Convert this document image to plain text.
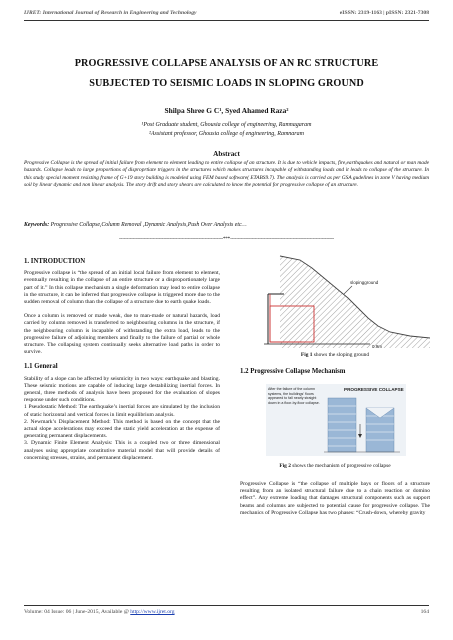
IJRET: International Journal of Research in Engineering and Technology	eISSN: 2319-1163 | pISSN: 2321-7308
PROGRESSIVE COLLAPSE ANALYSIS OF AN RC STRUCTURE
SUBJECTED TO SEISMIC LOADS IN SLOPING GROUND
Shilpa Shree G C¹, Syed Ahamed Raza²
¹Post Graduate student, Ghousia college of engineering, Ramnagaram
²Assistant professor, Ghousia college of engineering, Ramnaram
Abstract
Progressive Collapse is the spread of initial failure from element to element leading to entire collapse of an structure. It is due to vehicle impacts, fire,earthquakes and natural or man made hazards. Collapse leads to large proportions of disproprtiate triggers in the structures which makes structures incapable of withstanding loads and it leads to collapse of the structure. In this study special moment resisting frame of G+19 story building is modeled using FEM based software( ETABS9.7). The analysis is carried as per GSA gudelines in zone V having medium soil by linear dynamic and non linear analysis. The story drift and story shears are calculated to know the potential for progressive collapse of an structure.
Keywords: Progressive Collapse,Column Removal ,Dynamic Analysis,Push Over Analysis etc…
--------------------------------------------------------------------***--------------------------------------------------------------------
1. INTRODUCTION

Progressive collapse is “the spread of an initial local failure from element to element, eventually resulting in the collapse of an entire structure or a disproportionately large part of it.” In this collapse mechanism a single deformation may lead to entire collapse in the structure, it can be inferred that progressive collapse is triggered more due to the sudden removal of column than the collapse of a structure due to earth quake loads.

Once a column is removed or made weak, due to man-made or natural hazards, load carried by column removed is transferred to neighbouring columns in the structure, if the neighbouring column is incapable of withstanding the extra load, leads to the progressive failure of adjoining members and finally to the failure of partial or whole structure. The collapsing system continually seeks alternative load paths in order to survive.

1.1 General

Stability of a slope can be affected by seismicity in two ways: earthquake and blasting. These seismic motions are capable of inducing large destabilizing inertial forces. In general, three methods of analysis have been proposed for the evaluation of slopes response under such conditions.

1 Pseudostatic Method: The earthquake’s inertial forces are simulated by the inclusion of static horizontal and vertical forces in limit equilibrium analysis.

2. Newmark’s Displacement Method: This method is based on the concept that the actual slope accelerations may exceed the static yield acceleration at the expense of generating permanent displacements.

3. Dynamic Finite Element Analysis: This is a coupled two or three dimensional analyses using appropriate constitutive material model that will provide details of concerning stresses, strains, and permanent displacement.

slopingground
0.9m
Fig 1 shows the sloping ground
1.2 Progressive Collapse Mechanism
PROGRESSIVE COLLAPSE
After the failure of the column systems, the buildings’ floors appeared to fall nearly straight down in a floor-by-floor collapse.
Fig 2 shows the mechanism of progressive collapse

Progressive Collapse is “the collapse of multiple bays or floors of a structure resulting from an isolated structural failure due to a chain reaction or domino effect”. Any extreme loading that damages structural components such as support beams and columns are subjected to potential cause for progressive collapse. The mechanics of Progressive Collapse has two phases: “Crush-down, whereby gravity

Volume: 04 Issue: 06 | June-2015, Available @ http://www.ijret.org	164
